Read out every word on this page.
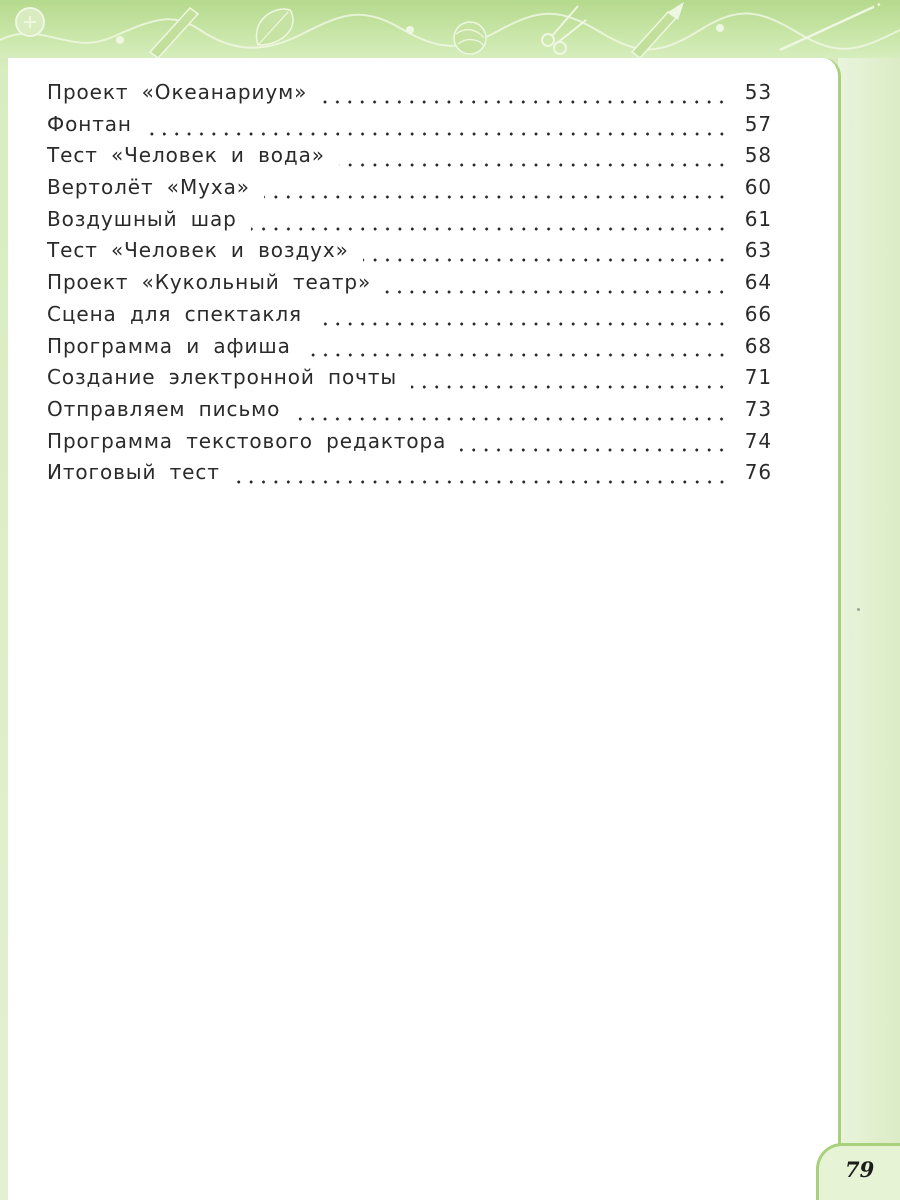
Проект «Океанариум»	53
Фонтан	57
Тест «Человек и вода»	58
Вертолёт «Муха»	60
Воздушный шар	61
Тест «Человек и воздух»	63
Проект «Кукольный театр»	64
Сцена для спектакля	66
Программа и афиша	68
Создание электронной почты	71
Отправляем письмо	73
Программа текстового редактора	74
Итоговый тест	76
79
